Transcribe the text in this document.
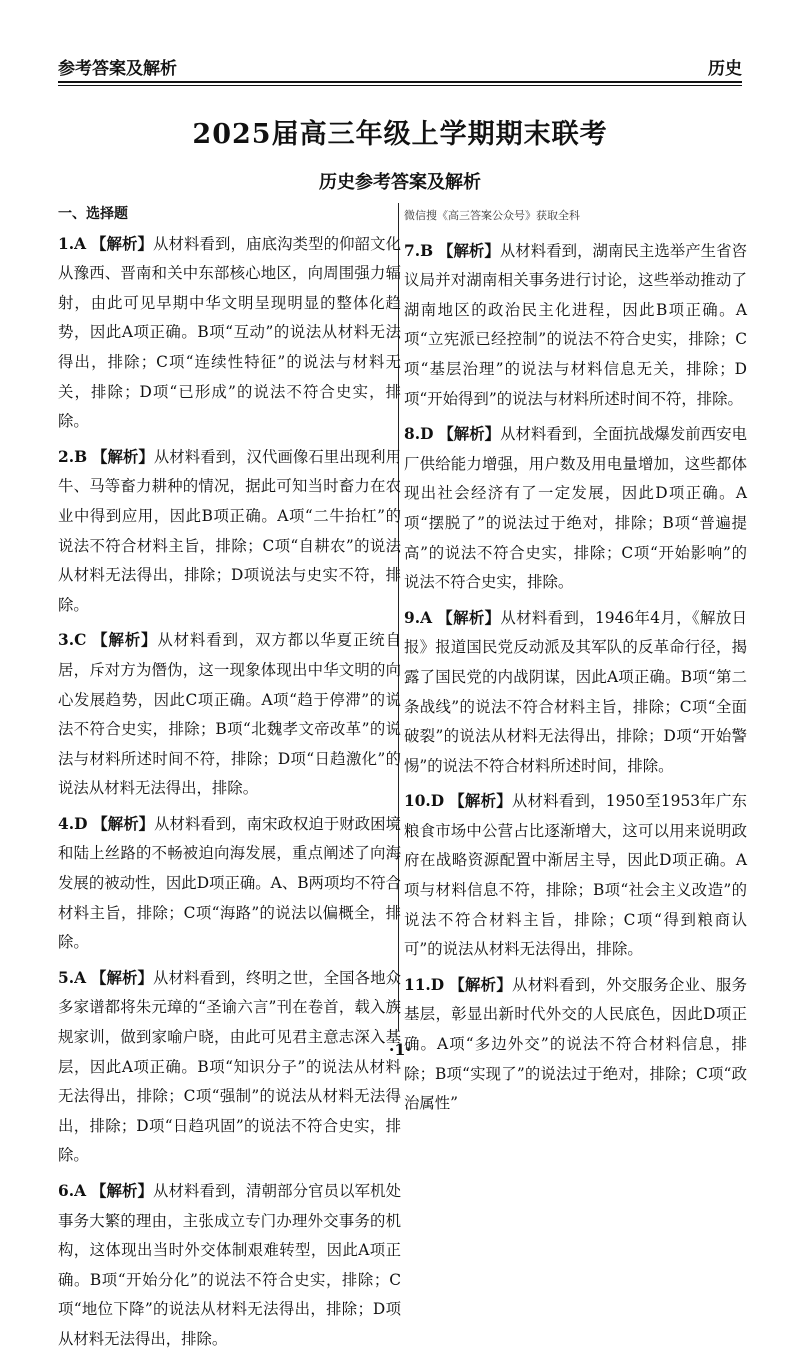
参考答案及解析	历史
2025届高三年级上学期期末联考
历史参考答案及解析
一、选择题
1.A 【解析】从材料看到，庙底沟类型的仰韶文化从豫西、晋南和关中东部核心地区，向周围强力辐射，由此可见早期中华文明呈现明显的整体化趋势，因此A项正确。B项“互动”的说法从材料无法得出，排除；C项“连续性特征”的说法与材料无关，排除；D项“已形成”的说法不符合史实，排除。
2.B 【解析】从材料看到，汉代画像石里出现利用牛、马等畜力耕种的情况，据此可知当时畜力在农业中得到应用，因此B项正确。A项“二牛抬杠”的说法不符合材料主旨，排除；C项“自耕农”的说法从材料无法得出，排除；D项说法与史实不符，排除。
3.C 【解析】从材料看到，双方都以华夏正统自居，斥对方为僭伪，这一现象体现出中华文明的向心发展趋势，因此C项正确。A项“趋于停滞”的说法不符合史实，排除；B项“北魏孝文帝改革”的说法与材料所述时间不符，排除；D项“日趋激化”的说法从材料无法得出，排除。
4.D 【解析】从材料看到，南宋政权迫于财政困境和陆上丝路的不畅被迫向海发展，重点阐述了向海发展的被动性，因此D项正确。A、B两项均不符合材料主旨，排除；C项“海路”的说法以偏概全，排除。
5.A 【解析】从材料看到，终明之世，全国各地众多家谱都将朱元璋的“圣谕六言”刊在卷首，载入族规家训，做到家喻户晓，由此可见君主意志深入基层，因此A项正确。B项“知识分子”的说法从材料无法得出，排除；C项“强制”的说法从材料无法得出，排除；D项“日趋巩固”的说法不符合史实，排除。
6.A 【解析】从材料看到，清朝部分官员以军机处事务大繁的理由，主张成立专门办理外交事务的机构，这体现出当时外交体制艰难转型，因此A项正确。B项“开始分化”的说法不符合史实，排除；C项“地位下降”的说法从材料无法得出，排除；D项从材料无法得出，排除。
微信搜《高三答案公众号》获取全科
7.B 【解析】从材料看到，湖南民主选举产生省咨议局并对湖南相关事务进行讨论，这些举动推动了湖南地区的政治民主化进程，因此B项正确。A项“立宪派已经控制”的说法不符合史实，排除；C项“基层治理”的说法与材料信息无关，排除；D项“开始得到”的说法与材料所述时间不符，排除。
8.D 【解析】从材料看到，全面抗战爆发前西安电厂供给能力增强，用户数及用电量增加，这些都体现出社会经济有了一定发展，因此D项正确。A项“摆脱了”的说法过于绝对，排除；B项“普遍提高”的说法不符合史实，排除；C项“开始影响”的说法不符合史实，排除。
9.A 【解析】从材料看到，1946年4月，《解放日报》报道国民党反动派及其军队的反革命行径，揭露了国民党的内战阴谋，因此A项正确。B项“第二条战线”的说法不符合材料主旨，排除；C项“全面破裂”的说法从材料无法得出，排除；D项“开始警惕”的说法不符合材料所述时间，排除。
10.D 【解析】从材料看到，1950至1953年广东粮食市场中公营占比逐渐增大，这可以用来说明政府在战略资源配置中渐居主导，因此D项正确。A项与材料信息不符，排除；B项“社会主义改造”的说法不符合材料主旨，排除；C项“得到粮商认可”的说法从材料无法得出，排除。
11.D 【解析】从材料看到，外交服务企业、服务基层，彰显出新时代外交的人民底色，因此D项正确。A项“多边外交”的说法不符合材料信息，排除；B项“实现了”的说法过于绝对，排除；C项“政治属性”
·1·
